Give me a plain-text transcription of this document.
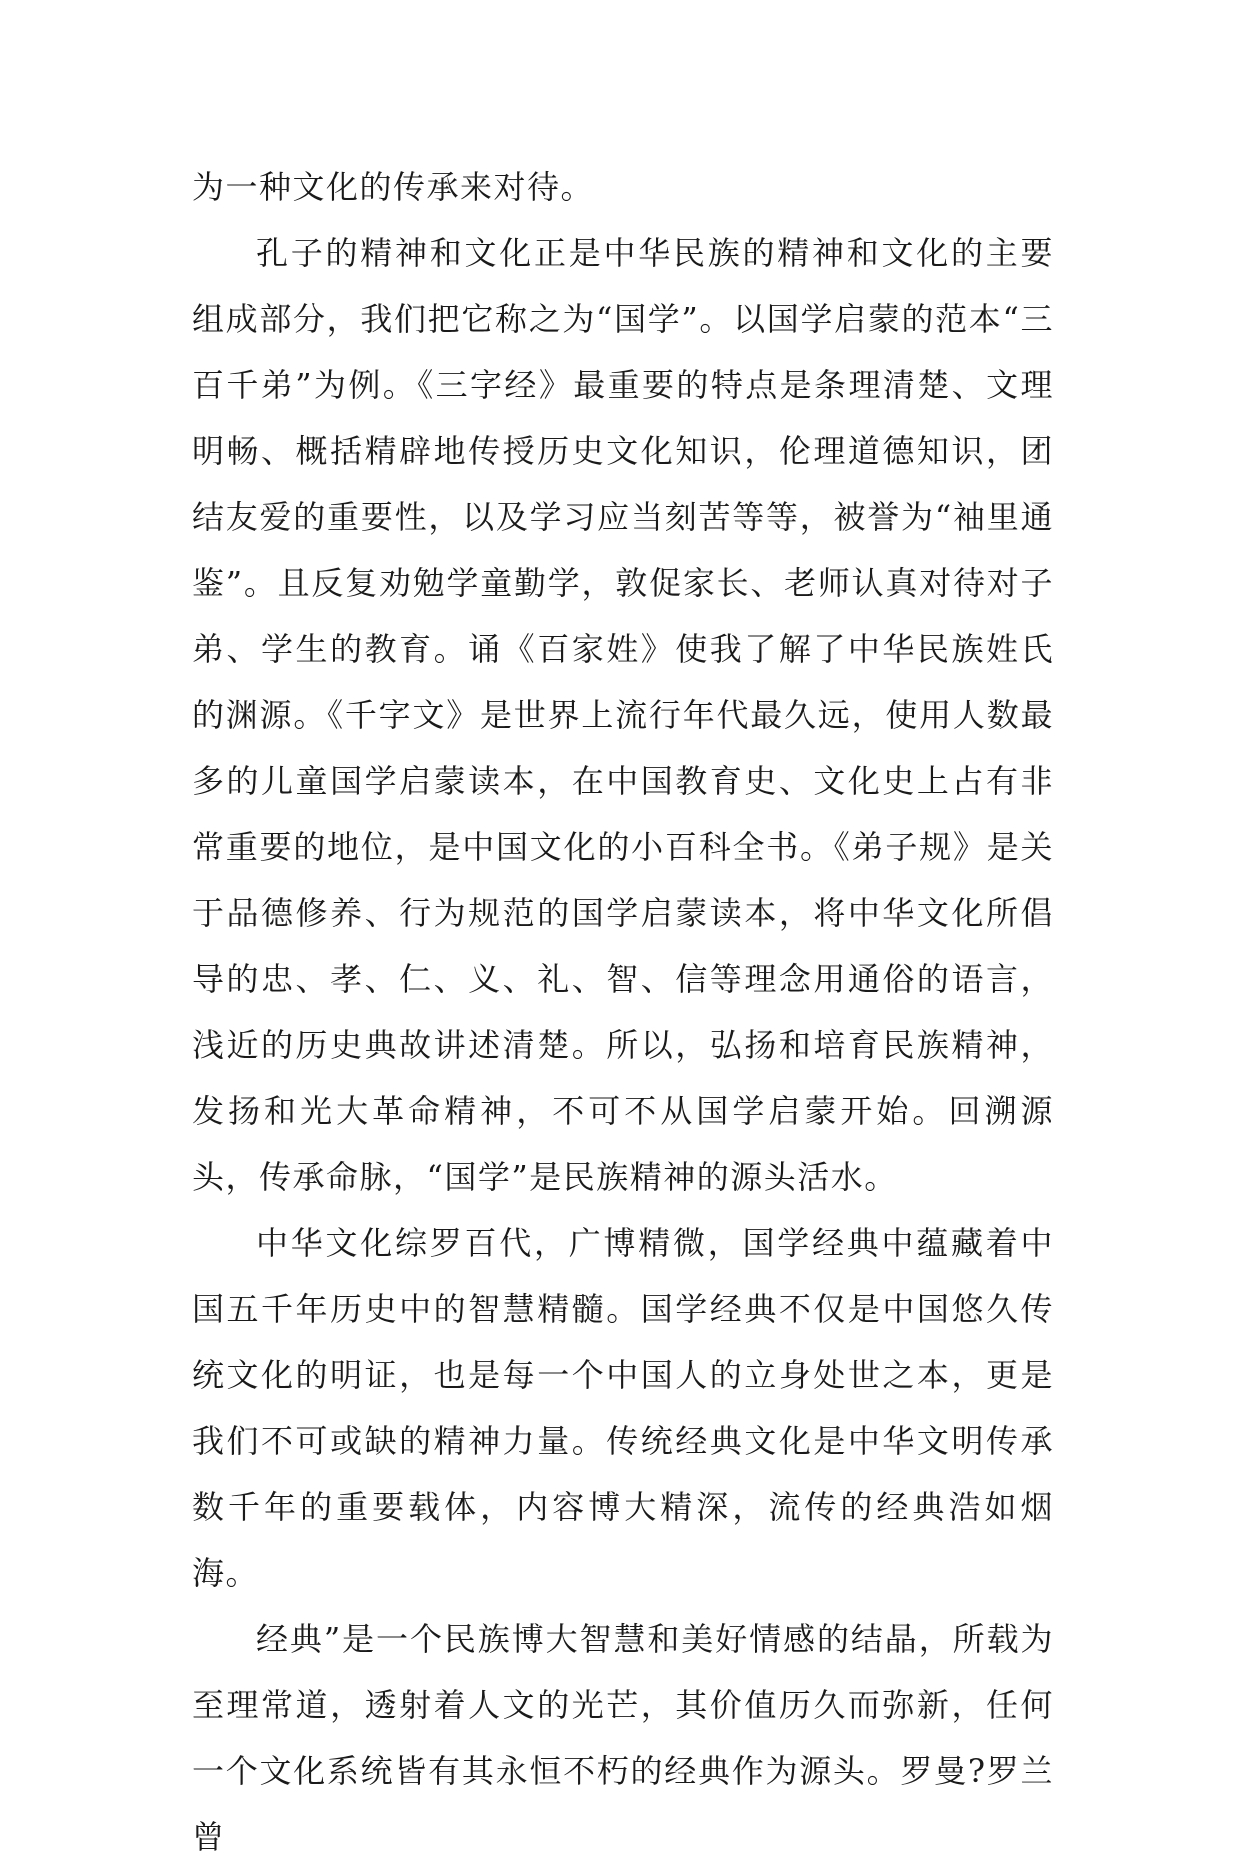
为一种文化的传承来对待。

孔子的精神和文化正是中华民族的精神和文化的主要组成部分，我们把它称之为“国学”。以国学启蒙的范本“三百千弟”为例。《三字经》最重要的特点是条理清楚、文理明畅、概括精辟地传授历史文化知识，伦理道德知识，团结友爱的重要性，以及学习应当刻苦等等，被誉为“袖里通鉴”。且反复劝勉学童勤学，敦促家长、老师认真对待对子弟、学生的教育。诵《百家姓》使我了解了中华民族姓氏的渊源。《千字文》是世界上流行年代最久远，使用人数最多的儿童国学启蒙读本，在中国教育史、文化史上占有非常重要的地位，是中国文化的小百科全书。《弟子规》是关于品德修养、行为规范的国学启蒙读本，将中华文化所倡导的忠、孝、仁、义、礼、智、信等理念用通俗的语言，浅近的历史典故讲述清楚。所以，弘扬和培育民族精神，发扬和光大革命精神，不可不从国学启蒙开始。回溯源头，传承命脉，“国学”是民族精神的源头活水。

中华文化综罗百代，广博精微，国学经典中蕴藏着中国五千年历史中的智慧精髓。国学经典不仅是中国悠久传统文化的明证，也是每一个中国人的立身处世之本，更是我们不可或缺的精神力量。传统经典文化是中华文明传承数千年的重要载体，内容博大精深，流传的经典浩如烟海。

经典”是一个民族博大智慧和美好情感的结晶，所载为至理常道，透射着人文的光芒，其价值历久而弥新，任何一个文化系统皆有其永恒不朽的经典作为源头。罗曼?罗兰曾
